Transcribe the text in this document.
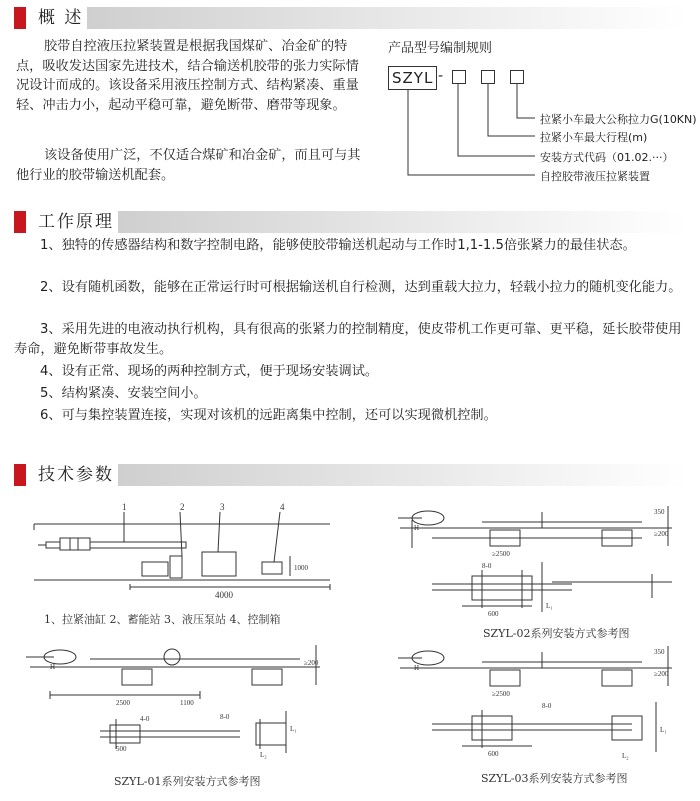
概 述
胶带自控液压拉紧装置是根据我国煤矿、冶金矿的特点，吸收发达国家先进技术，结合输送机胶带的张力实际情况设计而成的。该设备采用液压控制方式、结构紧凑、重量轻、冲击力小，起动平稳可靠，避免断带、磨带等现象。
该设备使用广泛，不仅适合煤矿和冶金矿，而且可与其他行业的胶带输送机配套。
产品型号编制规则
SZYL -
拉紧小车最大公称拉力G(10KN)
拉紧小车最大行程(m)
安装方式代码（01.02.···）
自控胶带液压拉紧装置
工作原理
1、独特的传感器结构和数字控制电路，能够使胶带输送机起动与工作时1,1-1.5倍张紧力的最佳状态。
2、设有随机函数，能够在正常运行时可根据输送机自行检测，达到重载大拉力，轻载小拉力的随机变化能力。
3、采用先进的电液动执行机构，具有很高的张紧力的控制精度，使皮带机工作更可靠、更平稳，延长胶带使用寿命，避免断带事故发生。
4、设有正常、现场的两种控制方式，便于现场安装调试。
5、结构紧凑、安装空间小。
6、可与集控装置连接，实现对该机的远距离集中控制，还可以实现微机控制。
技术参数
1	2	3	4
4000
1000
1、拉紧油缸 2、蓄能站 3、液压泵站 4、控制箱
≥2500
8-0
600
L₁
H
≥200
350
SZYL-02系列安装方式参考图
2500	1100
4-0	8-0
500
H	≥200
L₁
L₂
SZYL-01系列安装方式参考图
≥2500
8-0
600
H
≥200
350
L₁
L₂
SZYL-03系列安装方式参考图
